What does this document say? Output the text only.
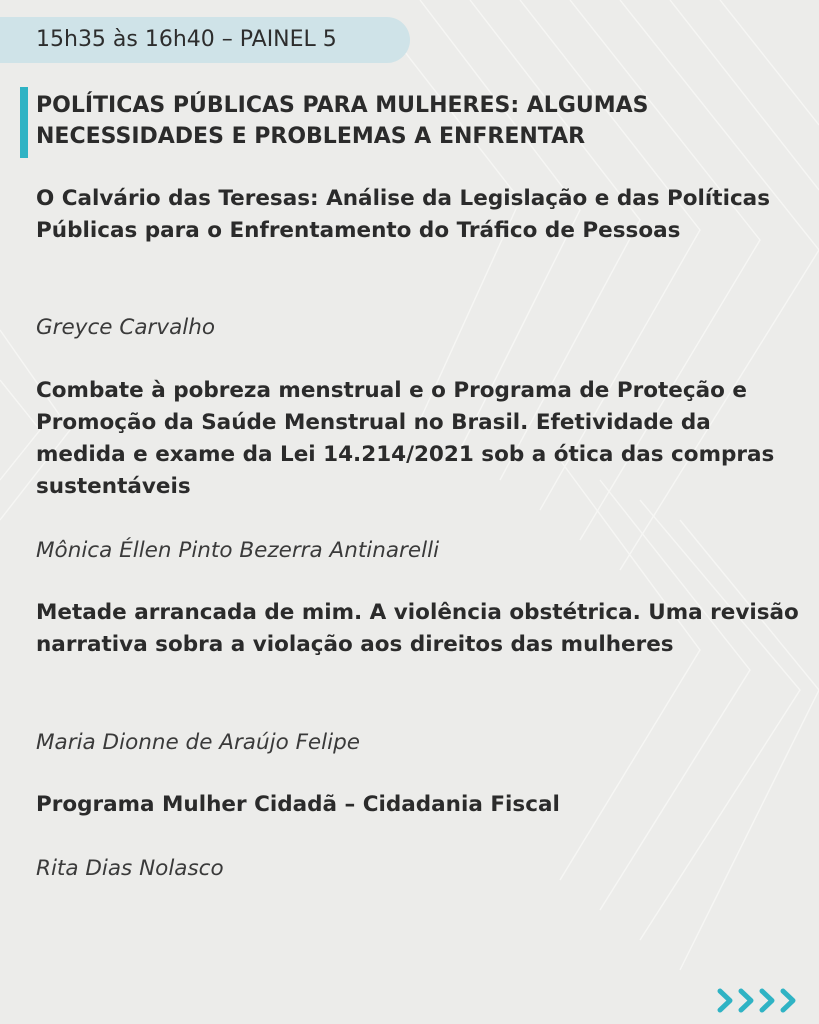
15h35 às 16h40 – PAINEL 5
POLÍTICAS PÚBLICAS PARA MULHERES: ALGUMAS NECESSIDADES E PROBLEMAS A ENFRENTAR

O Calvário das Teresas: Análise da Legislação e das Políticas Públicas para o Enfrentamento do Tráfico de Pessoas

Greyce Carvalho

Combate à pobreza menstrual e o Programa de Proteção e Promoção da Saúde Menstrual no Brasil. Efetividade da medida e exame da Lei 14.214/2021 sob a ótica das compras sustentáveis

Mônica Éllen Pinto Bezerra Antinarelli

Metade arrancada de mim. A violência obstétrica. Uma revisão narrativa sobra a violação aos direitos das mulheres

Maria Dionne de Araújo Felipe

Programa Mulher Cidadã – Cidadania Fiscal

Rita Dias Nolasco
